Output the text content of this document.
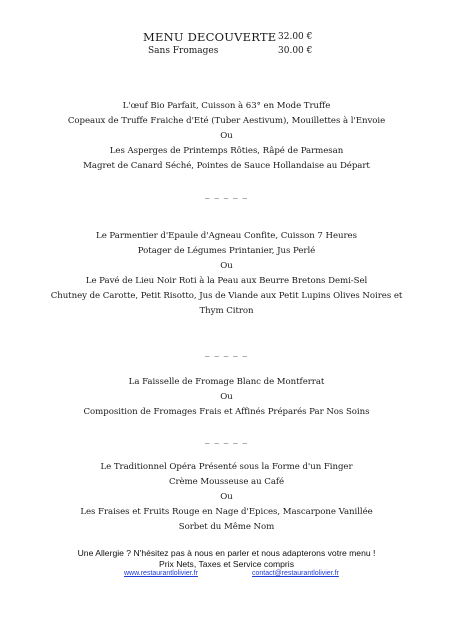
MENU DECOUVERTE 32.00 €
Sans Fromages	30.00 €
L'œuf Bio Parfait, Cuisson à 63° en Mode Truffe
Copeaux de Truffe Fraiche d'Eté (Tuber Aestivum), Mouillettes à l'Envoie
Ou
Les Asperges de Printemps Rôties, Râpé de Parmesan
Magret de Canard Séché, Pointes de Sauce Hollandaise au Départ
_ _ _ _ _
Le Parmentier d'Epaule d'Agneau Confite, Cuisson 7 Heures
Potager de Légumes Printanier, Jus Perlé
Ou
Le Pavé de Lieu Noir Roti à la Peau aux Beurre Bretons Demi-Sel
Chutney de Carotte, Petit Risotto, Jus de Viande aux Petit Lupins Olives Noires et
Thym Citron
_ _ _ _ _
La Faisselle de Fromage Blanc de Montferrat
Ou
Composition de Fromages Frais et Affinés Préparés Par Nos Soins
_ _ _ _ _
Le Traditionnel Opéra Présenté sous la Forme d'un Finger
Crème Mousseuse au Café
Ou
Les Fraises et Fruits Rouge en Nage d'Epices, Mascarpone Vanillée
Sorbet du Même Nom
Une Allergie ? N'hésitez pas à nous en parler et nous adapterons votre menu !
Prix Nets, Taxes et Service compris
www.restaurantlolivier.fr	contact@restaurantlolivier.fr
